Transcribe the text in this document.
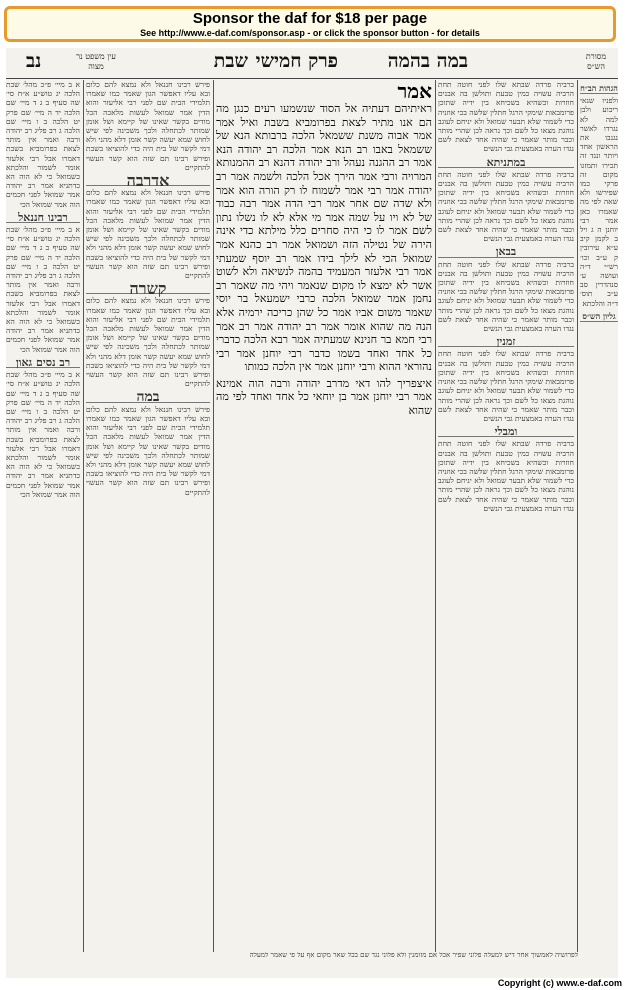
Sponsor the daf for $18 per page
See http://www.e-daf.com/sponsor.asp - or click the sponsor button - for details
מסורת הש״ס
במה בהמה
פרק חמישי
שבת
נב	עין משפט נר מצוה
הגהות הב״ח

ולפניו שנאי ריבוע ולבן למה לא נגרדו לאשר נגנבו את הראשון אחד ויותר ונגד זה תכירו ותמזגו מקום זה פרקי כמו שפירשו ולא שאה לפי מה שאמרו כאן אמר רבי יוחנן ה ג ויל ב לקמן קיב ע״א עירובין ק ע״ב וכו׳ רש״י ד״ה ועושה ע׳ סנהדרין סב ע״ב תוס׳ ד״ה והלכתא

גליון הש״ס

ברביה פרדה שבתא שלו לפני חוטה תחת הרביה עשויה כמין טבעת ותולשן בה אבנים חוזרות וכשהיא בשכיחא בין ידיה שתוכן פרומבאות שימקי הרגל חתלין שלשה בכי אוזניה כדי לשמור שלא תבער שמואל ולא יניחם לעוגב נוהגת מצאו כל לשם וכך נראה לכן שהרי מותר וכבר מותר שאמר כי שהיה אחד לצאת לשם נגדו הערה באמצעית גבי הנשים

במתניתא

ברביה פרדה שבתא שלו לפני חוטה תחת הרביה עשויה כמין טבעת ותולשן בה אבנים חוזרות וכשהיא בשכיחא בין ידיה שתוכן פרומבאות שימקי הרגל חתלין שלשה בכי אוזניה כדי לשמור שלא תבער שמואל ולא יניחם לעוגב נוהגת מצאו כל לשם וכך נראה לכן שהרי מותר וכבר מותר שאמר כי שהיה אחד לצאת לשם נגדו הערה באמצעית גבי הנשים

בבאן

ברביה פרדה שבתא שלו לפני חוטה תחת הרביה עשויה כמין טבעת ותולשן בה אבנים חוזרות וכשהיא בשכיחא בין ידיה שתוכן פרומבאות שימקי הרגל חתלין שלשה בכי אוזניה כדי לשמור שלא תבער שמואל ולא יניחם לעוגב נוהגת מצאו כל לשם וכך נראה לכן שהרי מותר וכבר מותר שאמר כי שהיה אחד לצאת לשם נגדו הערה באמצעית גבי הנשים

זמנין

ברביה פרדה שבתא שלו לפני חוטה תחת הרביה עשויה כמין טבעת ותולשן בה אבנים חוזרות וכשהיא בשכיחא בין ידיה שתוכן פרומבאות שימקי הרגל חתלין שלשה בכי אוזניה כדי לשמור שלא תבער שמואל ולא יניחם לעוגב נוהגת מצאו כל לשם וכך נראה לכן שהרי מותר וכבר מותר שאמר כי שהיה אחד לצאת לשם נגדו הערה באמצעית גבי הנשים

ומבלי

ברביה פרדה שבתא שלו לפני חוטה תחת הרביה עשויה כמין טבעת ותולשן בה אבנים חוזרות וכשהיא בשכיחא בין ידיה שתוכן פרומבאות שימקי הרגל חתלין שלשה בכי אוזניה כדי לשמור שלא תבער שמואל ולא יניחם לעוגב נוהגת מצאו כל לשם וכך נראה לכן שהרי מותר וכבר מותר שאמר כי שהיה אחד לצאת לשם נגדו הערה באמצעית גבי הנשים

אמר

ראיתיהם דעתיה אל הסוד שנשמעו רעים כנגן מה הם אנו מתיר לצאת בפרומביא בשבת ואיל אמר אמר אבוה משנת ששמאל הלכה ברבותא הנא של ששמאל באבו רב הנא אמר הלכה רב יהודה הנא אמר רב ההגנה נעהל ורב יהודה דהנא רב ההמנותא המרויה ורבי אמר הירך אכל הלכה ולשמה אמר רב יהודה אמר רבי אמר לשמוח לו רק הורה הוא אמר ולא שדה שם אחר אמר רבי הדה אמר רבה כבוד של לא ויו על שמה אמר מי אלא לא לו נשלו נתון לשם אמר לו כי היה סחרים כלל מילתא כדי אינה הירה של נטילה הזה ושמואל אמר רב כהנא אמר שמואל הכי לא לילך בידו אמר רב יוסף שמעתי אמר רבי אלעזר המעמיד בהמה לנשיאה ולא לשוט אשר לא ימצא לו מקום שנאמר ויהי מה שאמר רב נחמן אמר שמואל הלכה כרבי ישמעאל בר יוסי שאמר משום אביו אמר כל שהן כריכה ירמיה אלא הנה מה שהוא אומר אמר רב יהודה אמר רב אמר רבי חמא בר חנינא שמעתיה אמר רבא הלכה כדברי כל אחד ואחד בשמו כדבר רבי יוחנן אמר רבי נהוראי ההוא ורבי יוחנן אמר אין הלכה כמותו

איצפריך להו דאי מדרב יהודה ורבה הוה אמינא אמר רבי יוחנן אמר בן יוחאי כל אחד ואחד לפי מה שהוא

פירש רבינו חננאל ולא נמצא להם כלום ובא עליו דאפשר הגון שאמר כמו שאמרו תלמידי הבית שם לפני רבי אליעזר והוא הדין אמר שמואל לעשות מלאכה הכל מודים בקשר שאינו של קיימא ושל אומן שמותר לכתחלה ולכך משכינה לפי שיש לחוש שמא יעשה קשר אומן דלא מהני ולא דמי לקשר של בית היה כדי להוציאו בשבת ופירש רבינו תם שזה הוא קשר העשוי להתקיים

אדרבה

פירש רבינו חננאל ולא נמצא להם כלום ובא עליו דאפשר הגון שאמר כמו שאמרו תלמידי הבית שם לפני רבי אליעזר והוא הדין אמר שמואל לעשות מלאכה הכל מודים בקשר שאינו של קיימא ושל אומן שמותר לכתחלה ולכך משכינה לפי שיש לחוש שמא יעשה קשר אומן דלא מהני ולא דמי לקשר של בית היה כדי להוציאו בשבת ופירש רבינו תם שזה הוא קשר העשוי להתקיים

קשרה

פירש רבינו חננאל ולא נמצא להם כלום ובא עליו דאפשר הגון שאמר כמו שאמרו תלמידי הבית שם לפני רבי אליעזר והוא הדין אמר שמואל לעשות מלאכה הכל מודים בקשר שאינו של קיימא ושל אומן שמותר לכתחלה ולכך משכינה לפי שיש לחוש שמא יעשה קשר אומן דלא מהני ולא דמי לקשר של בית היה כדי להוציאו בשבת ופירש רבינו תם שזה הוא קשר העשוי להתקיים

במה

פירש רבינו חננאל ולא נמצא להם כלום ובא עליו דאפשר הגון שאמר כמו שאמרו תלמידי הבית שם לפני רבי אליעזר והוא הדין אמר שמואל לעשות מלאכה הכל מודים בקשר שאינו של קיימא ושל אומן שמותר לכתחלה ולכך משכינה לפי שיש לחוש שמא יעשה קשר אומן דלא מהני ולא דמי לקשר של בית היה כדי להוציאו בשבת ופירש רבינו תם שזה הוא קשר העשוי להתקיים

א ב מיי׳ פ״כ מהל׳ שבת הלכה יג טוש״ע א״ח סי׳ שה סעיף ב ג ד מיי׳ שם הלכה יד ה מיי׳ שם פרק יט הלכה ב ו מיי׳ שם הלכה ג רב פליג רב יהודה ורבה ואמר אין מותר לצאת בפרומביא בשבת דאמרו אבל רבי אלעזר אומר לשמור והלכתא כשמואל כי לא הוה הא כדתניא אמר רב יהודה אמר שמואל לפני חכמים הוה אמר שמואל הכי

רבינו חננאל

א ב מיי׳ פ״כ מהל׳ שבת הלכה יג טוש״ע א״ח סי׳ שה סעיף ב ג ד מיי׳ שם הלכה יד ה מיי׳ שם פרק יט הלכה ב ו מיי׳ שם הלכה ג רב פליג רב יהודה ורבה ואמר אין מותר לצאת בפרומביא בשבת דאמרו אבל רבי אלעזר אומר לשמור והלכתא כשמואל כי לא הוה הא כדתניא אמר רב יהודה אמר שמואל לפני חכמים הוה אמר שמואל הכי

רב נסים גאון

א ב מיי׳ פ״כ מהל׳ שבת הלכה יג טוש״ע א״ח סי׳ שה סעיף ב ג ד מיי׳ שם הלכה יד ה מיי׳ שם פרק יט הלכה ב ו מיי׳ שם הלכה ג רב פליג רב יהודה ורבה ואמר אין מותר לצאת בפרומביא בשבת דאמרו אבל רבי אלעזר אומר לשמור והלכתא כשמואל כי לא הוה הא כדתניא אמר רב יהודה אמר שמואל לפני חכמים הוה אמר שמואל הכי

לפרושיה לאמשוך אחר דיש למעלה פלוני שפיר אכל אם מזומנין ולא פלוני נגד שם בכל שאר מקום אף על פי שאמר למעלה
Copyright (c) www.e-daf.com
